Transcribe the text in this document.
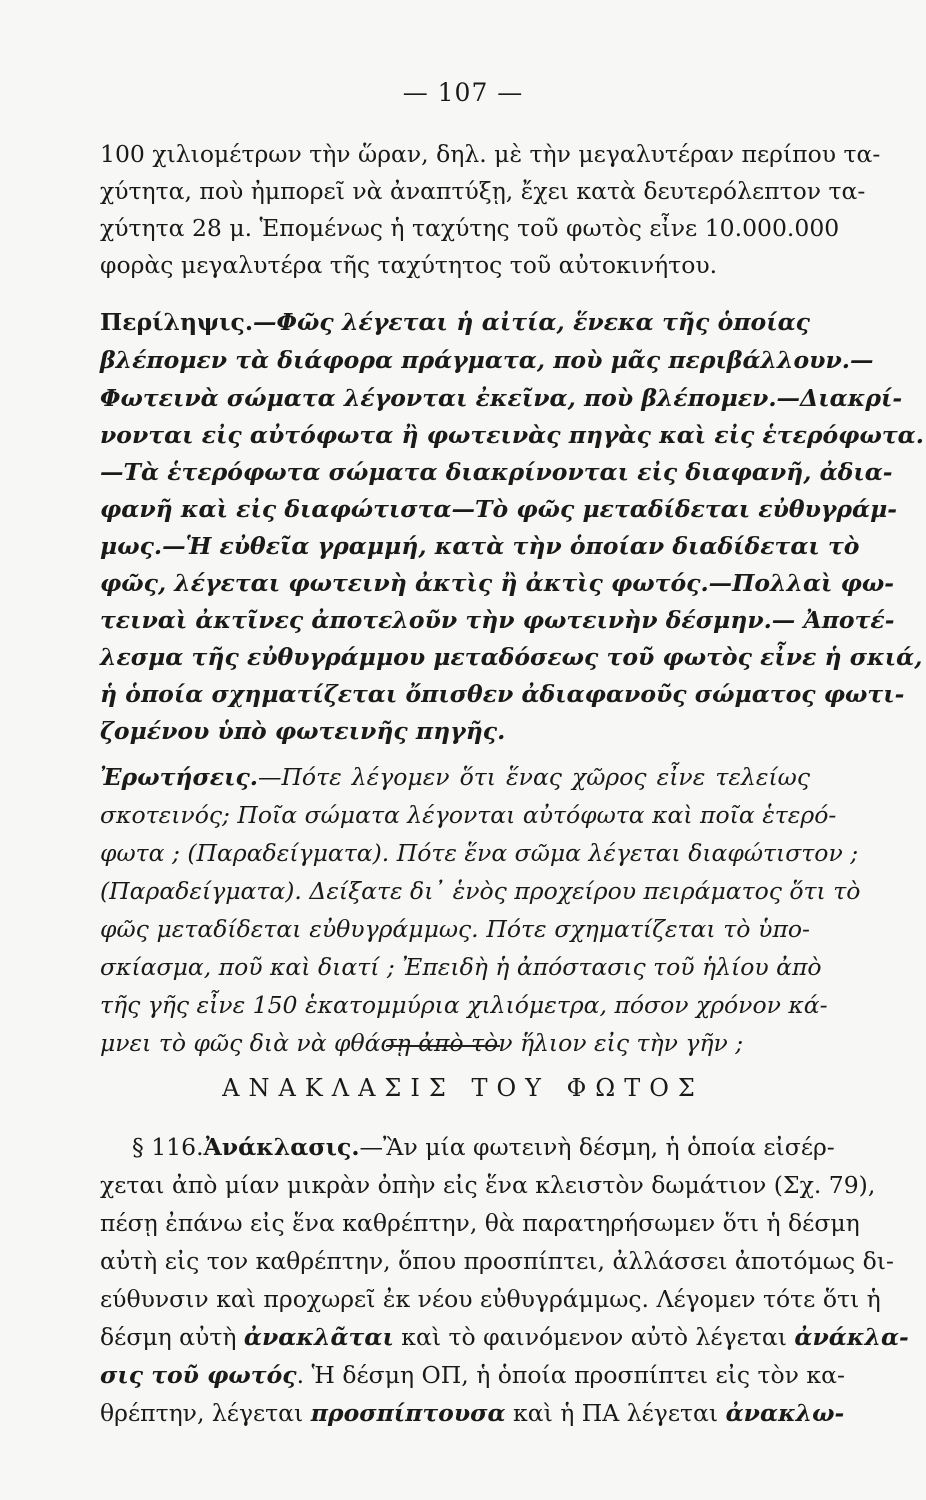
— 107 —
100 χιλιομέτρων τὴν ὥραν, δηλ. μὲ τὴν μεγαλυτέραν περίπου τα-
χύτητα, ποὺ ἠμπορεῖ νὰ ἀναπτύξῃ, ἔχει κατὰ δευτερόλεπτον τα-
χύτητα 28 μ. Ἑπομένως ἡ ταχύτης τοῦ φωτὸς εἶνε 10.000.000
φορὰς μεγαλυτέρα τῆς ταχύτητος τοῦ αὐτοκινήτου.
Περίληψις.—Φῶς λέγεται ἡ αἰτία, ἕνεκα τῆς ὁποίας
βλέπομεν τὰ διάφορα πράγματα, ποὺ μᾶς περιβάλλουν.—
Φωτεινὰ σώματα λέγονται ἐκεῖνα, ποὺ βλέπομεν.—Διακρί-
νονται εἰς αὐτόφωτα ἢ φωτεινὰς πηγὰς καὶ εἰς ἑτερόφωτα.
—Τὰ ἑτερόφωτα σώματα διακρίνονται εἰς διαφανῆ, ἀδια-
φανῆ καὶ εἰς διαφώτιστα—Τὸ φῶς μεταδίδεται εὐθυγράμ-
μως.—Ἡ εὐθεῖα γραμμή, κατὰ τὴν ὁποίαν διαδίδεται τὸ
φῶς, λέγεται φωτεινὴ ἀκτὶς ἢ ἀκτὶς φωτός.—Πολλαὶ φω-
τειναὶ ἀκτῖνες ἀποτελοῦν τὴν φωτεινὴν δέσμην.— Ἀποτέ-
λεσμα τῆς εὐθυγράμμου μεταδόσεως τοῦ φωτὸς εἶνε ἡ σκιά,
ἡ ὁποία σχηματίζεται ὄπισθεν ἀδιαφανοῦς σώματος φωτι-
ζομένου ὑπὸ φωτεινῆς πηγῆς.
Ἐρωτήσεις.—Πότε λέγομεν ὅτι ἕνας χῶρος εἶνε τελείως
σκοτεινός; Ποῖα σώματα λέγονται αὐτόφωτα καὶ ποῖα ἑτερό-
φωτα ; (Παραδείγματα). Πότε ἕνα σῶμα λέγεται διαφώτιστον ;
(Παραδείγματα). Δείξατε δι᾽ ἑνὸς προχείρου πειράματος ὅτι τὸ
φῶς μεταδίδεται εὐθυγράμμως. Πότε σχηματίζεται τὸ ὑπο-
σκίασμα, ποῦ καὶ διατί ; Ἐπειδὴ ἡ ἀπόστασις τοῦ ἡλίου ἀπὸ
τῆς γῆς εἶνε 150 ἑκατομμύρια χιλιόμετρα, πόσον χρόνον κά-
μνει τὸ φῶς διὰ νὰ φθάσῃ ἀπὸ τὸν ἥλιον εἰς τὴν γῆν ;
ΑΝΑΚΛΑΣΙΣ ΤΟΥ ΦΩΤΟΣ
§ 116.Ἀνάκλασις.—Ἂν μία φωτεινὴ δέσμη, ἡ ὁποία εἰσέρ-
χεται ἀπὸ μίαν μικρὰν ὀπὴν εἰς ἕνα κλειστὸν δωμάτιον (Σχ. 79),
πέσῃ ἐπάνω εἰς ἕνα καθρέπτην, θὰ παρατηρήσωμεν ὅτι ἡ δέσμη
αὐτὴ εἰς τον καθρέπτην, ὅπου προσπίπτει, ἀλλάσσει ἀποτόμως δι-
εύθυνσιν καὶ προχωρεῖ ἐκ νέου εὐθυγράμμως. Λέγομεν τότε ὅτι ἡ
δέσμη αὐτὴ ἀνακλᾶται καὶ τὸ φαινόμενον αὐτὸ λέγεται ἀνάκλα-
σις τοῦ φωτός. Ἡ δέσμη ΟΠ, ἡ ὁποία προσπίπτει εἰς τὸν κα-
θρέπτην, λέγεται προσπίπτουσα καὶ ἡ ΠΑ λέγεται ἀνακλω-
